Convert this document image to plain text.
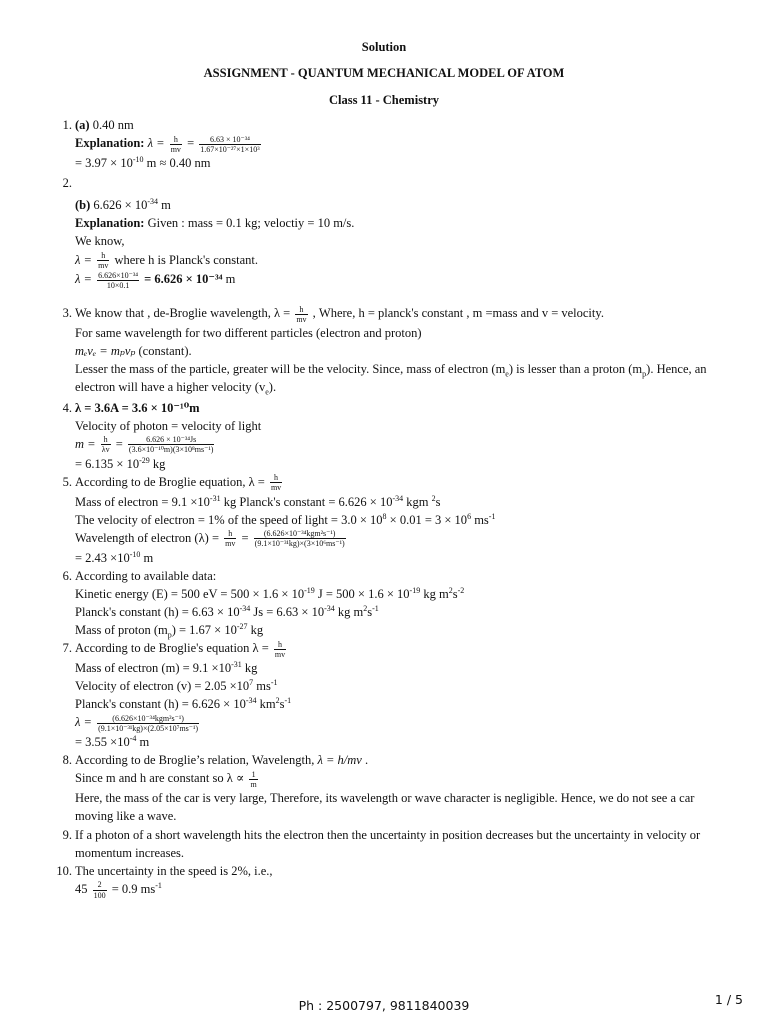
Solution
ASSIGNMENT - QUANTUM MECHANICAL MODEL OF ATOM
Class 11 - Chemistry
1. (a) 0.40 nm
Explanation: $\lambda = \frac{h}{mv} = \frac{\text{6.63 × 10⁻³⁴}}{\text{1.67×10⁻²⁷×1×10³}}$
= $3.97 \times 10^{-10}$ m ≈ 0.40 nm
2.

(b) $6.626 \times 10^{-34}$ m
Explanation: Given : mass = 0.1 kg; veloctiy = 10 m/s.
We know,
$\lambda = \frac{h}{mv}$ where h is Planck's constant.
$\lambda = \frac{\text{6.626×10⁻³⁴}}{10\times 0.1} = 6.626 \times 10^{-34}$ m
3. We know that , de-Broglie wavelength, $\lambda = \frac{h}{mv}$ , Where, h = planck's constant , m =mass and v = velocity.
For same wavelength for two different particles (electron and proton)
mₑvₑ = mₚvₚ (constant).
Lesser the mass of the particle, greater will be the velocity. Since, mass of electron $(m_e)$ is lesser than a proton $(m_p)$. Hence, an electron will have a higher velocity $(v_e)$.
4. λ = 3.6A = 3.6 × 10⁻¹⁰m
Velocity of photon = velocity of light
$m = \frac{h}{\lambda v} = \frac{\text{6.626 × 10⁻³⁴Js}}{\text{(3.6×10⁻¹⁰m)(3×10⁸ms⁻¹)}}$
= $6.135 \times 10^{-29}$ kg
5. According to de Broglie equation, $\lambda = \frac{h}{mv}$
Mass of electron = $9.1 \times 10^{-31}$ kg Planck's constant = $6.626 \times 10^{-34}$ kgm $^2$s
The velocity of electron = 1% of the speed of light = $3.0 \times 10^8 \times 0.01 = 3 \times 10^6$ $ms^{-1}$
Wavelength of electron $(\lambda) = \frac{h}{mv} = \frac{\text{(6.626×10⁻³⁴kgm²s⁻¹)}}{\text{(9.1×10⁻³¹kg)×(3×10⁶ms⁻¹)}}$
= $2.43 \times 10^{-10}$ m
6. According to available data:
Kinetic energy (E) = 500 eV = $500 \times 1.6 \times 10^{-19}$ $J = 500 \times 1.6 \times 10^{-19}$ kg $m^2s^{-2}$
Planck's constant $(h) = 6.63 \times 10^{-34}$ $Js = 6.63 \times 10^{-34}$ kg $m^2s^{-1}$
Mass of proton $(m_p) = 1.67 \times 10^{-27}$ kg
7. According to de Broglie's equation $\lambda = \frac{h}{mv}$
Mass of electron $(m) = 9.1 \times 10^{-31}$ kg
Velocity of electron $(v) = 2.05 \times 10^7$ $ms^{-1}$
Planck's constant $(h) = 6.626 \times 10^{-34}$ $km^2s^{-1}$
$\lambda = \frac{\text{(6.626×10⁻³⁴kgm²s⁻¹)}}{\text{(9.1×10⁻³¹kg)×(2.05×10⁷ms⁻¹)}}$
= $3.55 \times 10^{-4}$ m
8. According to de Broglie’s relation, Wavelength, λ = h/mv .
Since m and h are constant so $\lambda \propto \frac{1}{m}$
Here, the mass of the car is very large, Therefore, its wavelength or wave character is negligible. Hence, we do not see a car moving like a wave.
9. If a photon of a short wavelength hits the electron then the uncertainty in position decreases but the uncertainty in velocity or momentum increases.
10. The uncertainty in the speed is 2%, i.e.,
$45 \frac{2}{100} = 0.9$ $ms^{-1}$
Ph : 2500797, 9811840039	1 / 5
